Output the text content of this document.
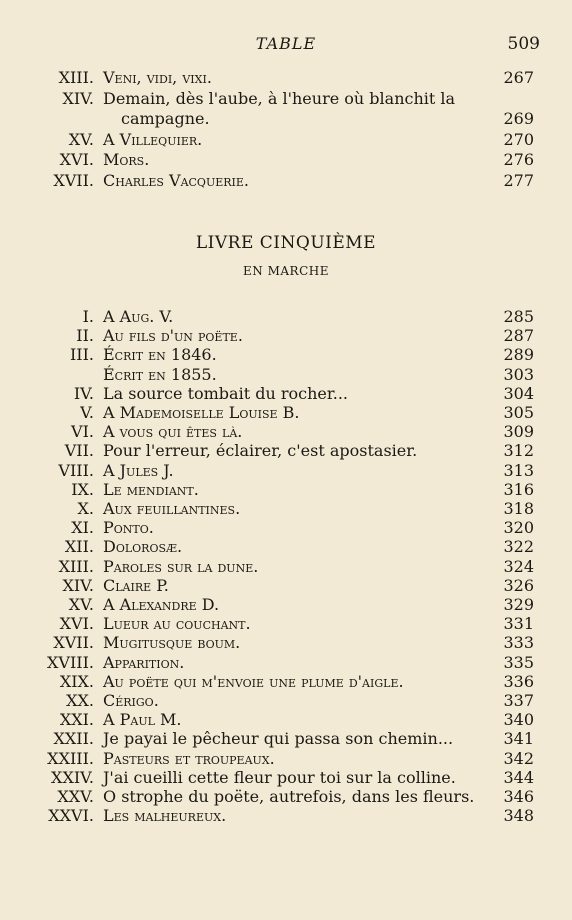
TABLE	509
XIII. Veni, vidi, vixi.	267
XIV. Demain, dès l'aube, à l'heure où blanchit la
campagne.	269
XV. A Villequier.	270
XVI. Mors.	276
XVII. Charles Vacquerie.	277
LIVRE CINQUIÈME
EN MARCHE
I. A Aug. V.	285
II. Au fils d'un poëte.	287
III. Écrit en 1846.	289
Écrit en 1855.	303
IV. La source tombait du rocher...	304
V. A Mademoiselle Louise B.	305
VI. A vous qui êtes là.	309
VII. Pour l'erreur, éclairer, c'est apostasier.	312
VIII. A Jules J.	313
IX. Le mendiant.	316
X. Aux feuillantines.	318
XI. Ponto.	320
XII. Dolorosæ.	322
XIII. Paroles sur la dune.	324
XIV. Claire P.	326
XV. A Alexandre D.	329
XVI. Lueur au couchant.	331
XVII. Mugitusque boum.	333
XVIII. Apparition.	335
XIX. Au poëte qui m'envoie une plume d'aigle.	336
XX. Cérigo.	337
XXI. A Paul M.	340
XXII. Je payai le pêcheur qui passa son chemin...	341
XXIII. Pasteurs et troupeaux.	342
XXIV. J'ai cueilli cette fleur pour toi sur la colline.	344
XXV. O strophe du poëte, autrefois, dans les fleurs. 346
XXVI. Les malheureux.	348
